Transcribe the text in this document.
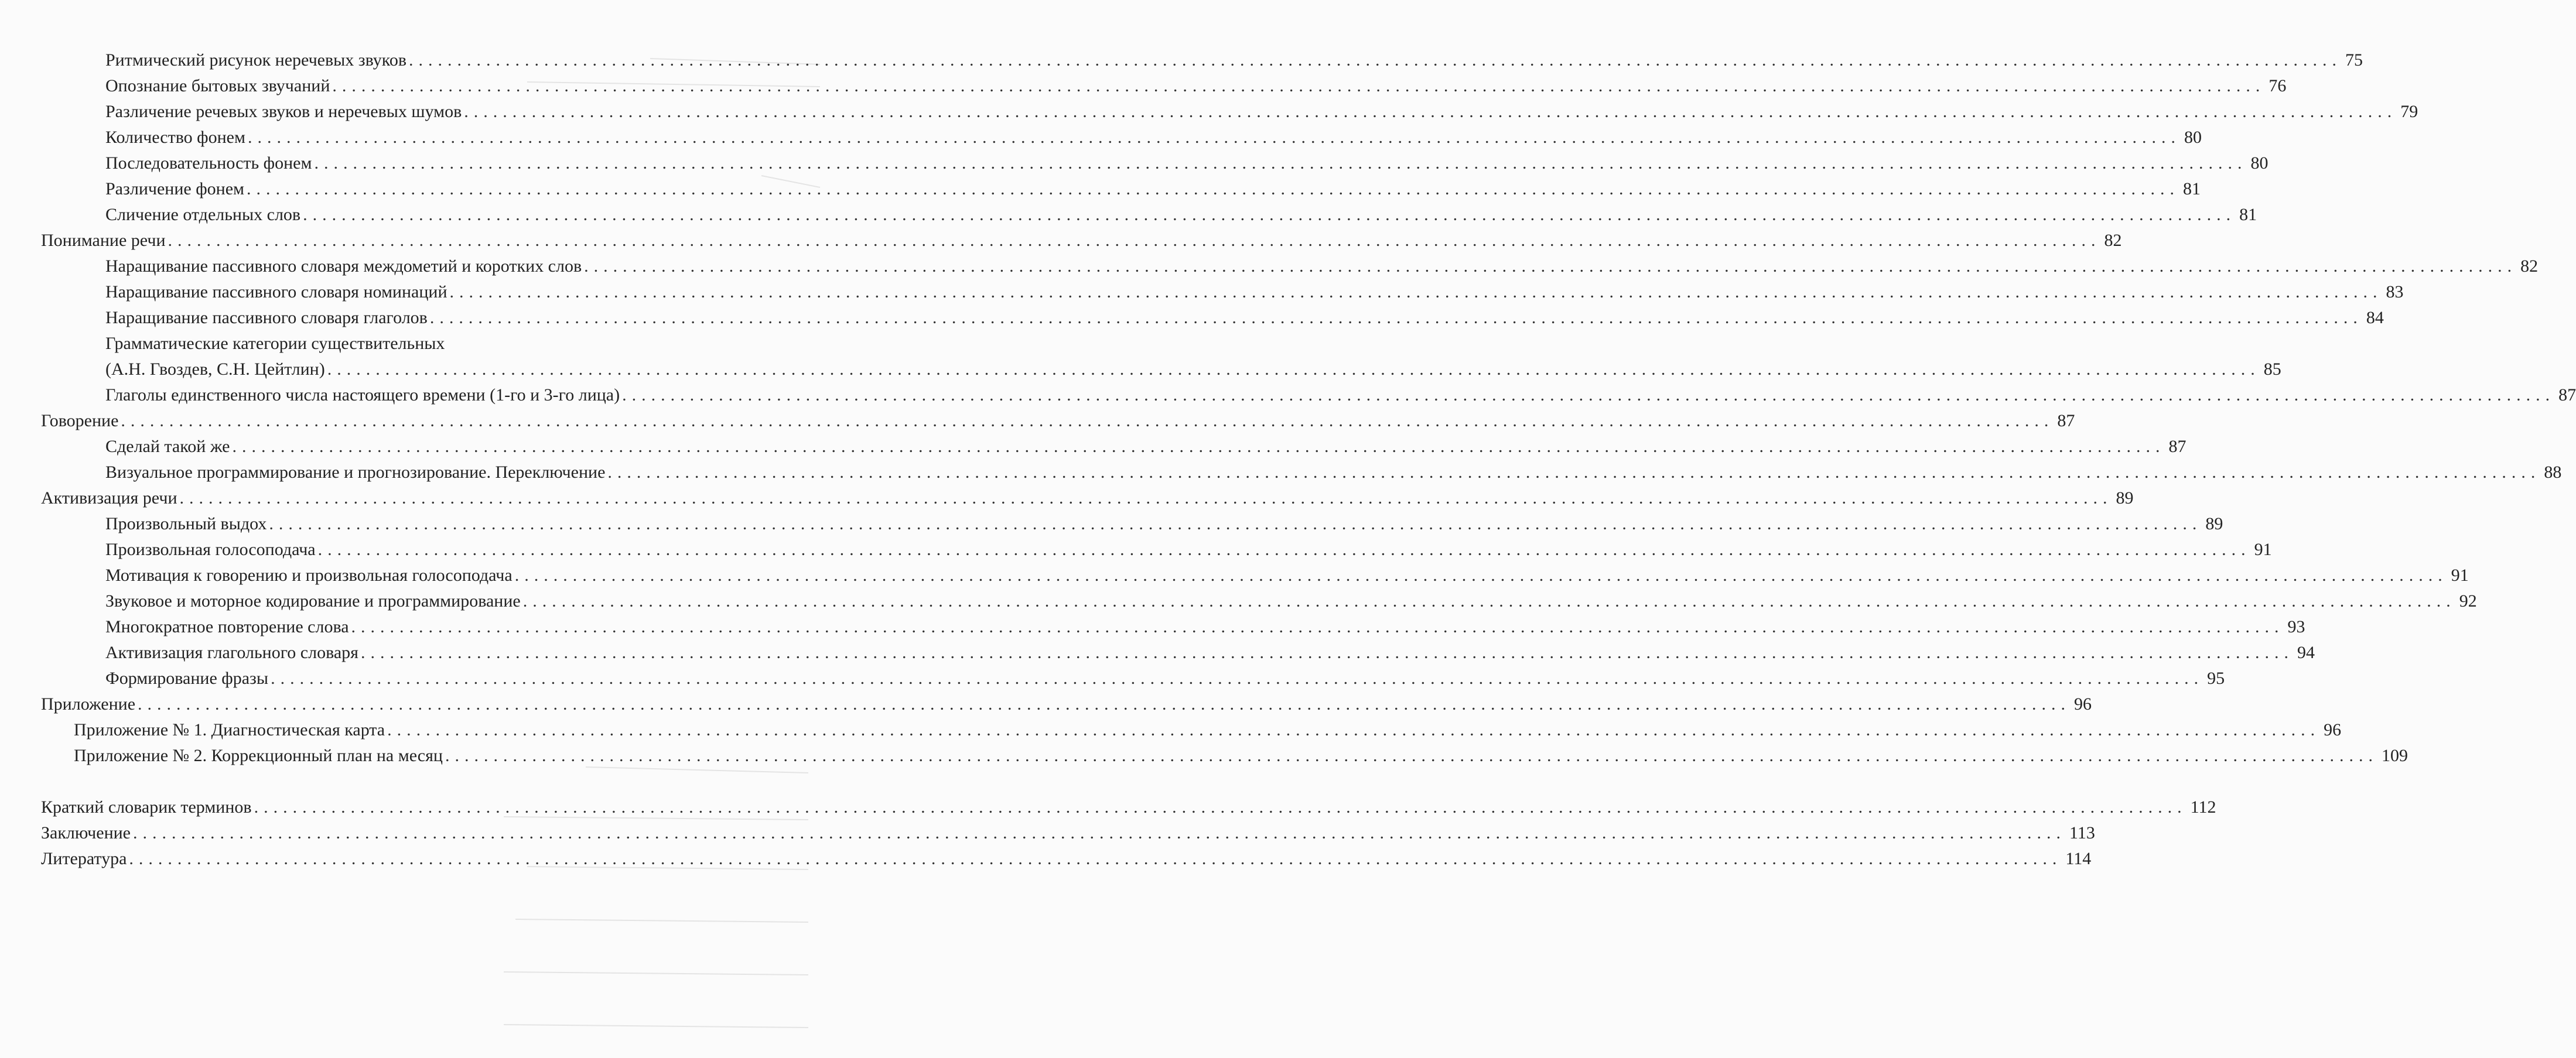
Ритмический рисунок неречевых звуков ........................................................................................................................................................................................................ 75
Опознание бытовых звучаний ........................................................................................................................................................................................................ 76
Различение речевых звуков и неречевых шумов ........................................................................................................................................................................................................ 79
Количество фонем ........................................................................................................................................................................................................ 80
Последовательность фонем ........................................................................................................................................................................................................ 80
Различение фонем ........................................................................................................................................................................................................ 81
Сличение отдельных слов ........................................................................................................................................................................................................ 81
Понимание речи ........................................................................................................................................................................................................ 82
Наращивание пассивного словаря междометий и коротких слов ........................................................................................................................................................................................................ 82
Наращивание пассивного словаря номинаций ........................................................................................................................................................................................................ 83
Наращивание пассивного словаря глаголов ........................................................................................................................................................................................................ 84
Грамматические категории существительных
(А.Н. Гвоздев, С.Н. Цейтлин) ........................................................................................................................................................................................................ 85
Глаголы единственного числа настоящего времени (1-го и 3-го лица) ........................................................................................................................................................................................................ 87
Говорение ........................................................................................................................................................................................................ 87
Сделай такой же ........................................................................................................................................................................................................ 87
Визуальное программирование и прогнозирование. Переключение ........................................................................................................................................................................................................ 88
Активизация речи ........................................................................................................................................................................................................ 89
Произвольный выдох ........................................................................................................................................................................................................ 89
Произвольная голосоподача ........................................................................................................................................................................................................ 91
Мотивация к говорению и произвольная голосоподача ........................................................................................................................................................................................................ 91
Звуковое и моторное кодирование и программирование ........................................................................................................................................................................................................ 92
Многократное повторение слова ........................................................................................................................................................................................................ 93
Активизация глагольного словаря ........................................................................................................................................................................................................ 94
Формирование фразы ........................................................................................................................................................................................................ 95
Приложение ........................................................................................................................................................................................................ 96
Приложение № 1. Диагностическая карта ........................................................................................................................................................................................................ 96
Приложение № 2. Коррекционный план на месяц ........................................................................................................................................................................................................ 109
Краткий словарик терминов ........................................................................................................................................................................................................ 112
Заключение ........................................................................................................................................................................................................ 113
Литература ........................................................................................................................................................................................................ 114
